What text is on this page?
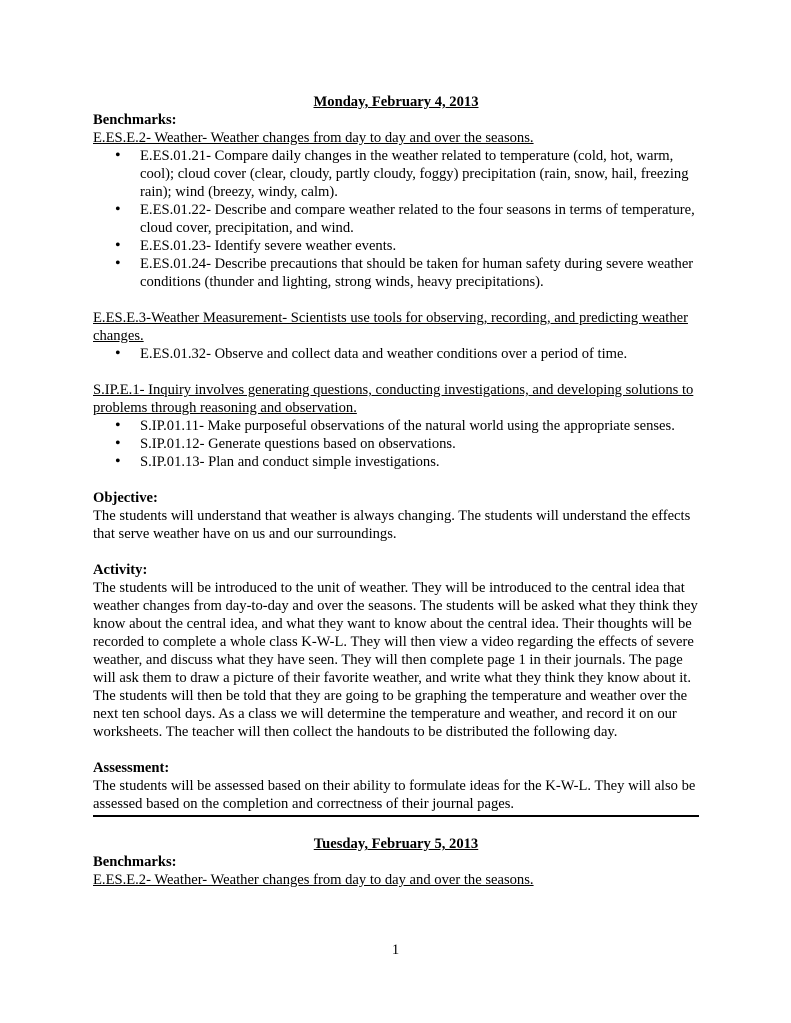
Monday, February 4, 2013

Benchmarks:

E.ES.E.2- Weather- Weather changes from day to day and over the seasons.

• E.ES.01.21- Compare daily changes in the weather related to temperature (cold, hot, warm, cool); cloud cover (clear, cloudy, partly cloudy, foggy) precipitation (rain, snow, hail, freezing rain); wind (breezy, windy, calm).
• E.ES.01.22- Describe and compare weather related to the four seasons in terms of temperature, cloud cover, precipitation, and wind.
• E.ES.01.23- Identify severe weather events.
• E.ES.01.24- Describe precautions that should be taken for human safety during severe weather conditions (thunder and lighting, strong winds, heavy precipitations).

E.ES.E.3-Weather Measurement- Scientists use tools for observing, recording, and predicting weather changes.

• E.ES.01.32- Observe and collect data and weather conditions over a period of time.

S.IP.E.1- Inquiry involves generating questions, conducting investigations, and developing solutions to problems through reasoning and observation.

• S.IP.01.11- Make purposeful observations of the natural world using the appropriate senses.
• S.IP.01.12- Generate questions based on observations.
• S.IP.01.13- Plan and conduct simple investigations.

Objective:

The students will understand that weather is always changing. The students will understand the effects that serve weather have on us and our surroundings.

Activity:

The students will be introduced to the unit of weather. They will be introduced to the central idea that weather changes from day-to-day and over the seasons. The students will be asked what they think they know about the central idea, and what they want to know about the central idea. Their thoughts will be recorded to complete a whole class K-W-L. They will then view a video regarding the effects of severe weather, and discuss what they have seen. They will then complete page 1 in their journals. The page will ask them to draw a picture of their favorite weather, and write what they think they know about it. The students will then be told that they are going to be graphing the temperature and weather over the next ten school days. As a class we will determine the temperature and weather, and record it on our worksheets. The teacher will then collect the handouts to be distributed the following day.

Assessment:

The students will be assessed based on their ability to formulate ideas for the K-W-L. They will also be assessed based on the completion and correctness of their journal pages.

Tuesday, February 5, 2013

Benchmarks:

E.ES.E.2- Weather- Weather changes from day to day and over the seasons.

1
